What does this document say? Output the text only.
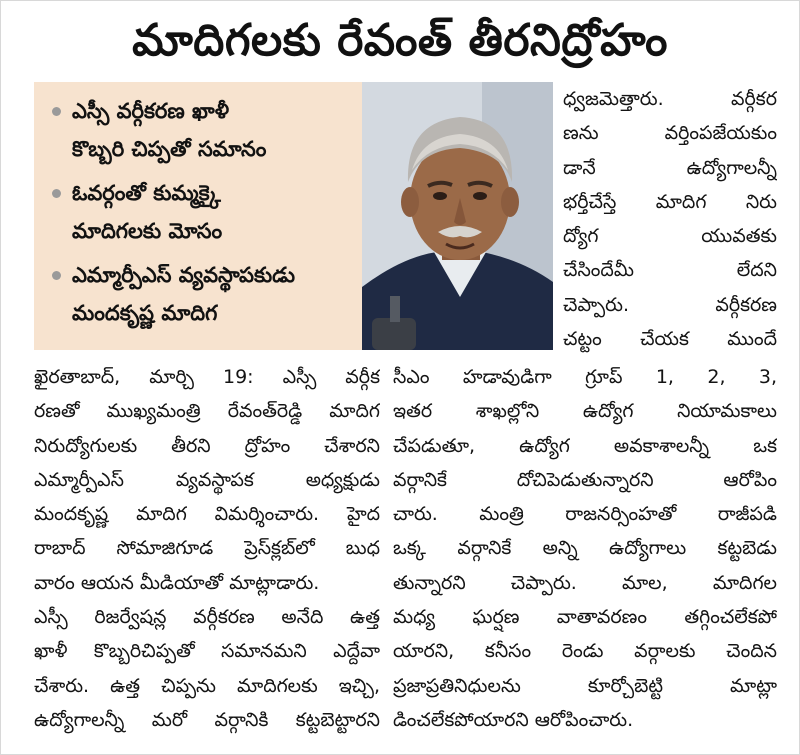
మాదిగలకు రేవంత్ తీరనిద్రోహం
ఎస్సీ వర్గీకరణ ఖాళీ
కొబ్బరి చిప్పతో సమానం
ఓవర్గంతో కుమ్మక్కై
మాదిగలకు మోసం
ఎమ్మార్పీఎస్ వ్యవస్థాపకుడు
మందకృష్ణ మాదిగ
ధ్వజమెత్తారు. వర్గీకర
ణను వర్తింపజేయకుం
డానే ఉద్యోగాలన్నీ
భర్తీచేస్తే మాదిగ నిరు
ద్యోగ యువతకు
చేసిందేమీ లేదని
చెప్పారు. వర్గీకరణ
చట్టం చేయక ముందే
ఖైరతాబాద్, మార్చి 19: ఎస్సీ వర్గీక
రణతో ముఖ్యమంత్రి రేవంత్‌రెడ్డి మాదిగ
నిరుద్యోగులకు తీరని ద్రోహం చేశారని
ఎమ్మార్పీఎస్ వ్యవస్థాపక అధ్యక్షుడు
మందకృష్ణ మాదిగ విమర్శించారు. హైద
రాబాద్ సోమాజిగూడ ప్రెస్‌క్లబ్‌లో బుధ
వారం ఆయన మీడియాతో మాట్లాడారు.
ఎస్సీ రిజర్వేషన్ల వర్గీకరణ అనేది ఉత్త
ఖాళీ కొబ్బరిచిప్పతో సమానమని ఎద్దేవా
చేశారు. ఉత్త చిప్పను మాదిగలకు ఇచ్చి,
ఉద్యోగాలన్నీ మరో వర్గానికి కట్టబెట్టారని
సీఎం హడావుడిగా గ్రూప్ 1, 2, 3,
ఇతర శాఖల్లోని ఉద్యోగ నియామకాలు
చేపడుతూ, ఉద్యోగ అవకాశాలన్నీ ఒక
వర్గానికే దోచిపెడుతున్నారని ఆరోపిం
చారు. మంత్రి రాజనర్సింహతో రాజీపడి
ఒక్క వర్గానికే అన్ని ఉద్యోగాలు కట్టబెడు
తున్నారని చెప్పారు. మాల, మాదిగల
మధ్య ఘర్షణ వాతావరణం తగ్గించలేకపో
యారని, కనీసం రెండు వర్గాలకు చెందిన
ప్రజాప్రతినిధులను కూర్చోబెట్టి మాట్లా
డించలేకపోయారని ఆరోపించారు.
